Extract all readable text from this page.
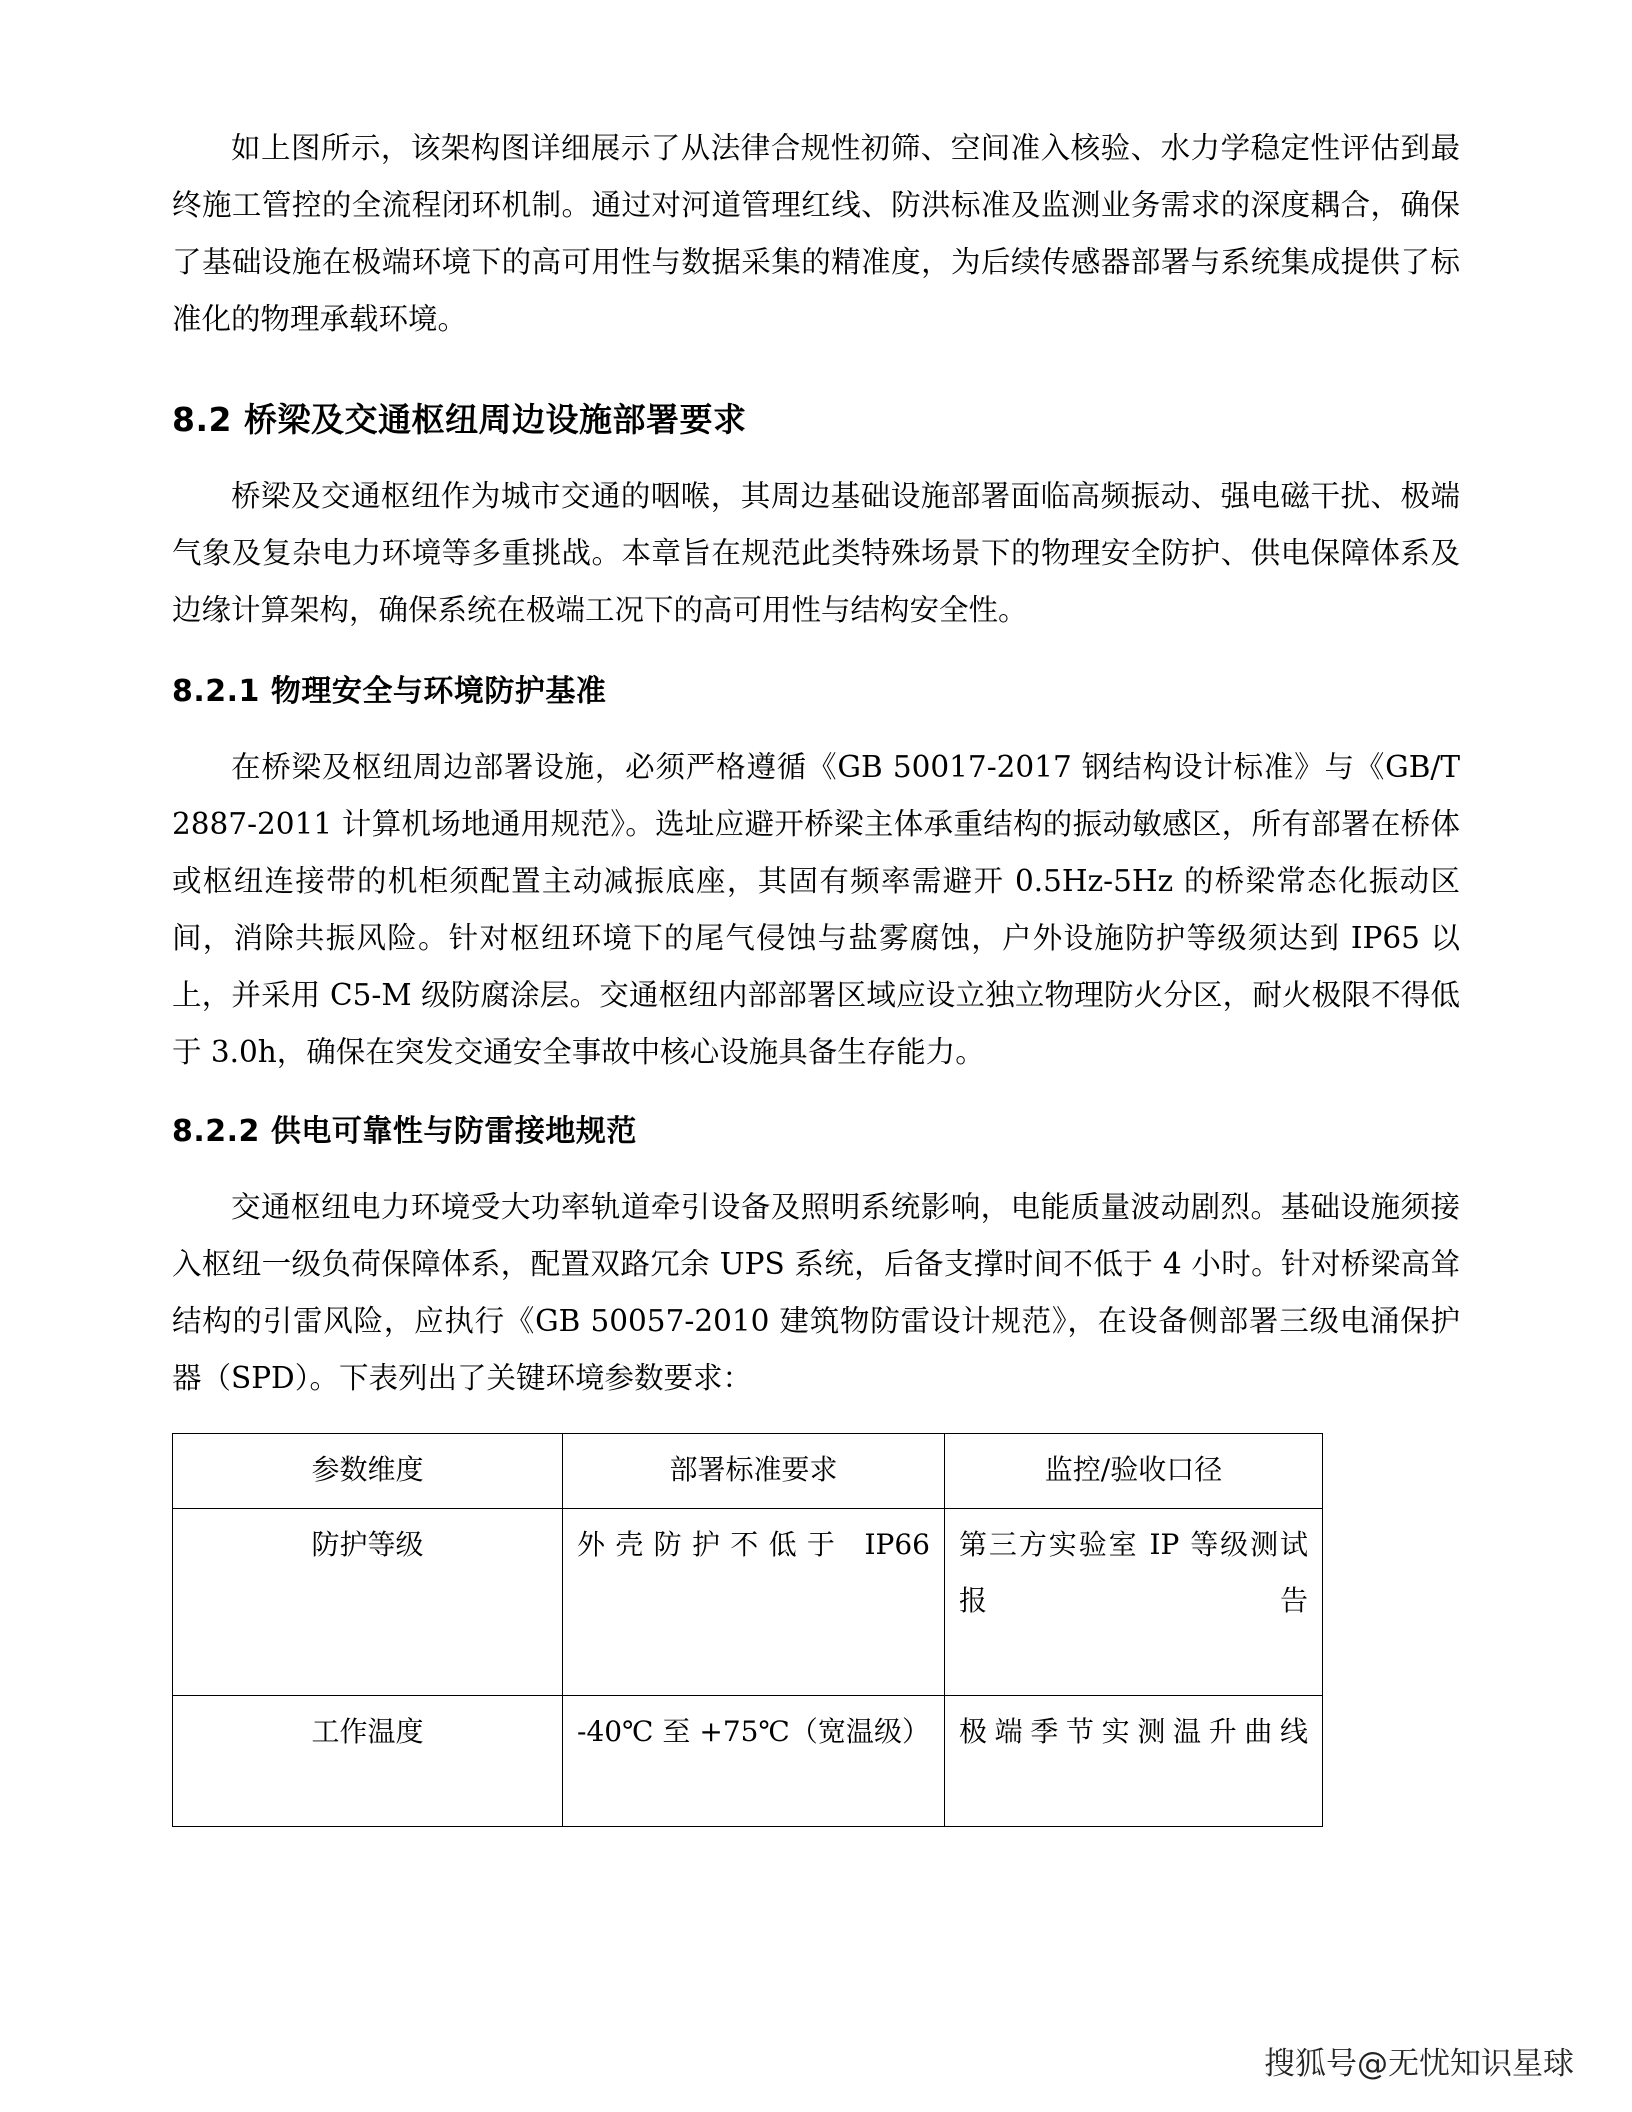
如上图所示，该架构图详细展示了从法律合规性初筛、空间准入核验、水力学稳定性评估到最终施工管控的全流程闭环机制。通过对河道管理红线、防洪标准及监测业务需求的深度耦合，确保了基础设施在极端环境下的高可用性与数据采集的精准度，为后续传感器部署与系统集成提供了标准化的物理承载环境。

8.2 桥梁及交通枢纽周边设施部署要求

桥梁及交通枢纽作为城市交通的咽喉，其周边基础设施部署面临高频振动、强电磁干扰、极端气象及复杂电力环境等多重挑战。本章旨在规范此类特殊场景下的物理安全防护、供电保障体系及边缘计算架构，确保系统在极端工况下的高可用性与结构安全性。

8.2.1 物理安全与环境防护基准

在桥梁及枢纽周边部署设施，必须严格遵循《GB 50017-2017 钢结构设计标准》与《GB/T 2887-2011 计算机场地通用规范》。选址应避开桥梁主体承重结构的振动敏感区，所有部署在桥体或枢纽连接带的机柜须配置主动减振底座，其固有频率需避开 0.5Hz-5Hz 的桥梁常态化振动区间，消除共振风险。针对枢纽环境下的尾气侵蚀与盐雾腐蚀，户外设施防护等级须达到 IP65 以上，并采用 C5-M 级防腐涂层。交通枢纽内部部署区域应设立独立物理防火分区，耐火极限不得低于 3.0h，确保在突发交通安全事故中核心设施具备生存能力。

8.2.2 供电可靠性与防雷接地规范

交通枢纽电力环境受大功率轨道牵引设备及照明系统影响，电能质量波动剧烈。基础设施须接入枢纽一级负荷保障体系，配置双路冗余 UPS 系统，后备支撑时间不低于 4 小时。针对桥梁高耸结构的引雷风险，应执行《GB 50057-2010 建筑物防雷设计规范》，在设备侧部署三级电涌保护器（SPD）。下表列出了关键环境参数要求：

参数维度	部署标准要求	监控/验收口径

防护等级	外壳防护不低于 IP66	第三方实验室 IP 等级测试报告

工作温度	-40℃ 至 +75℃（宽温级）	极端季节实测温升曲线
搜狐号@无忧知识星球
